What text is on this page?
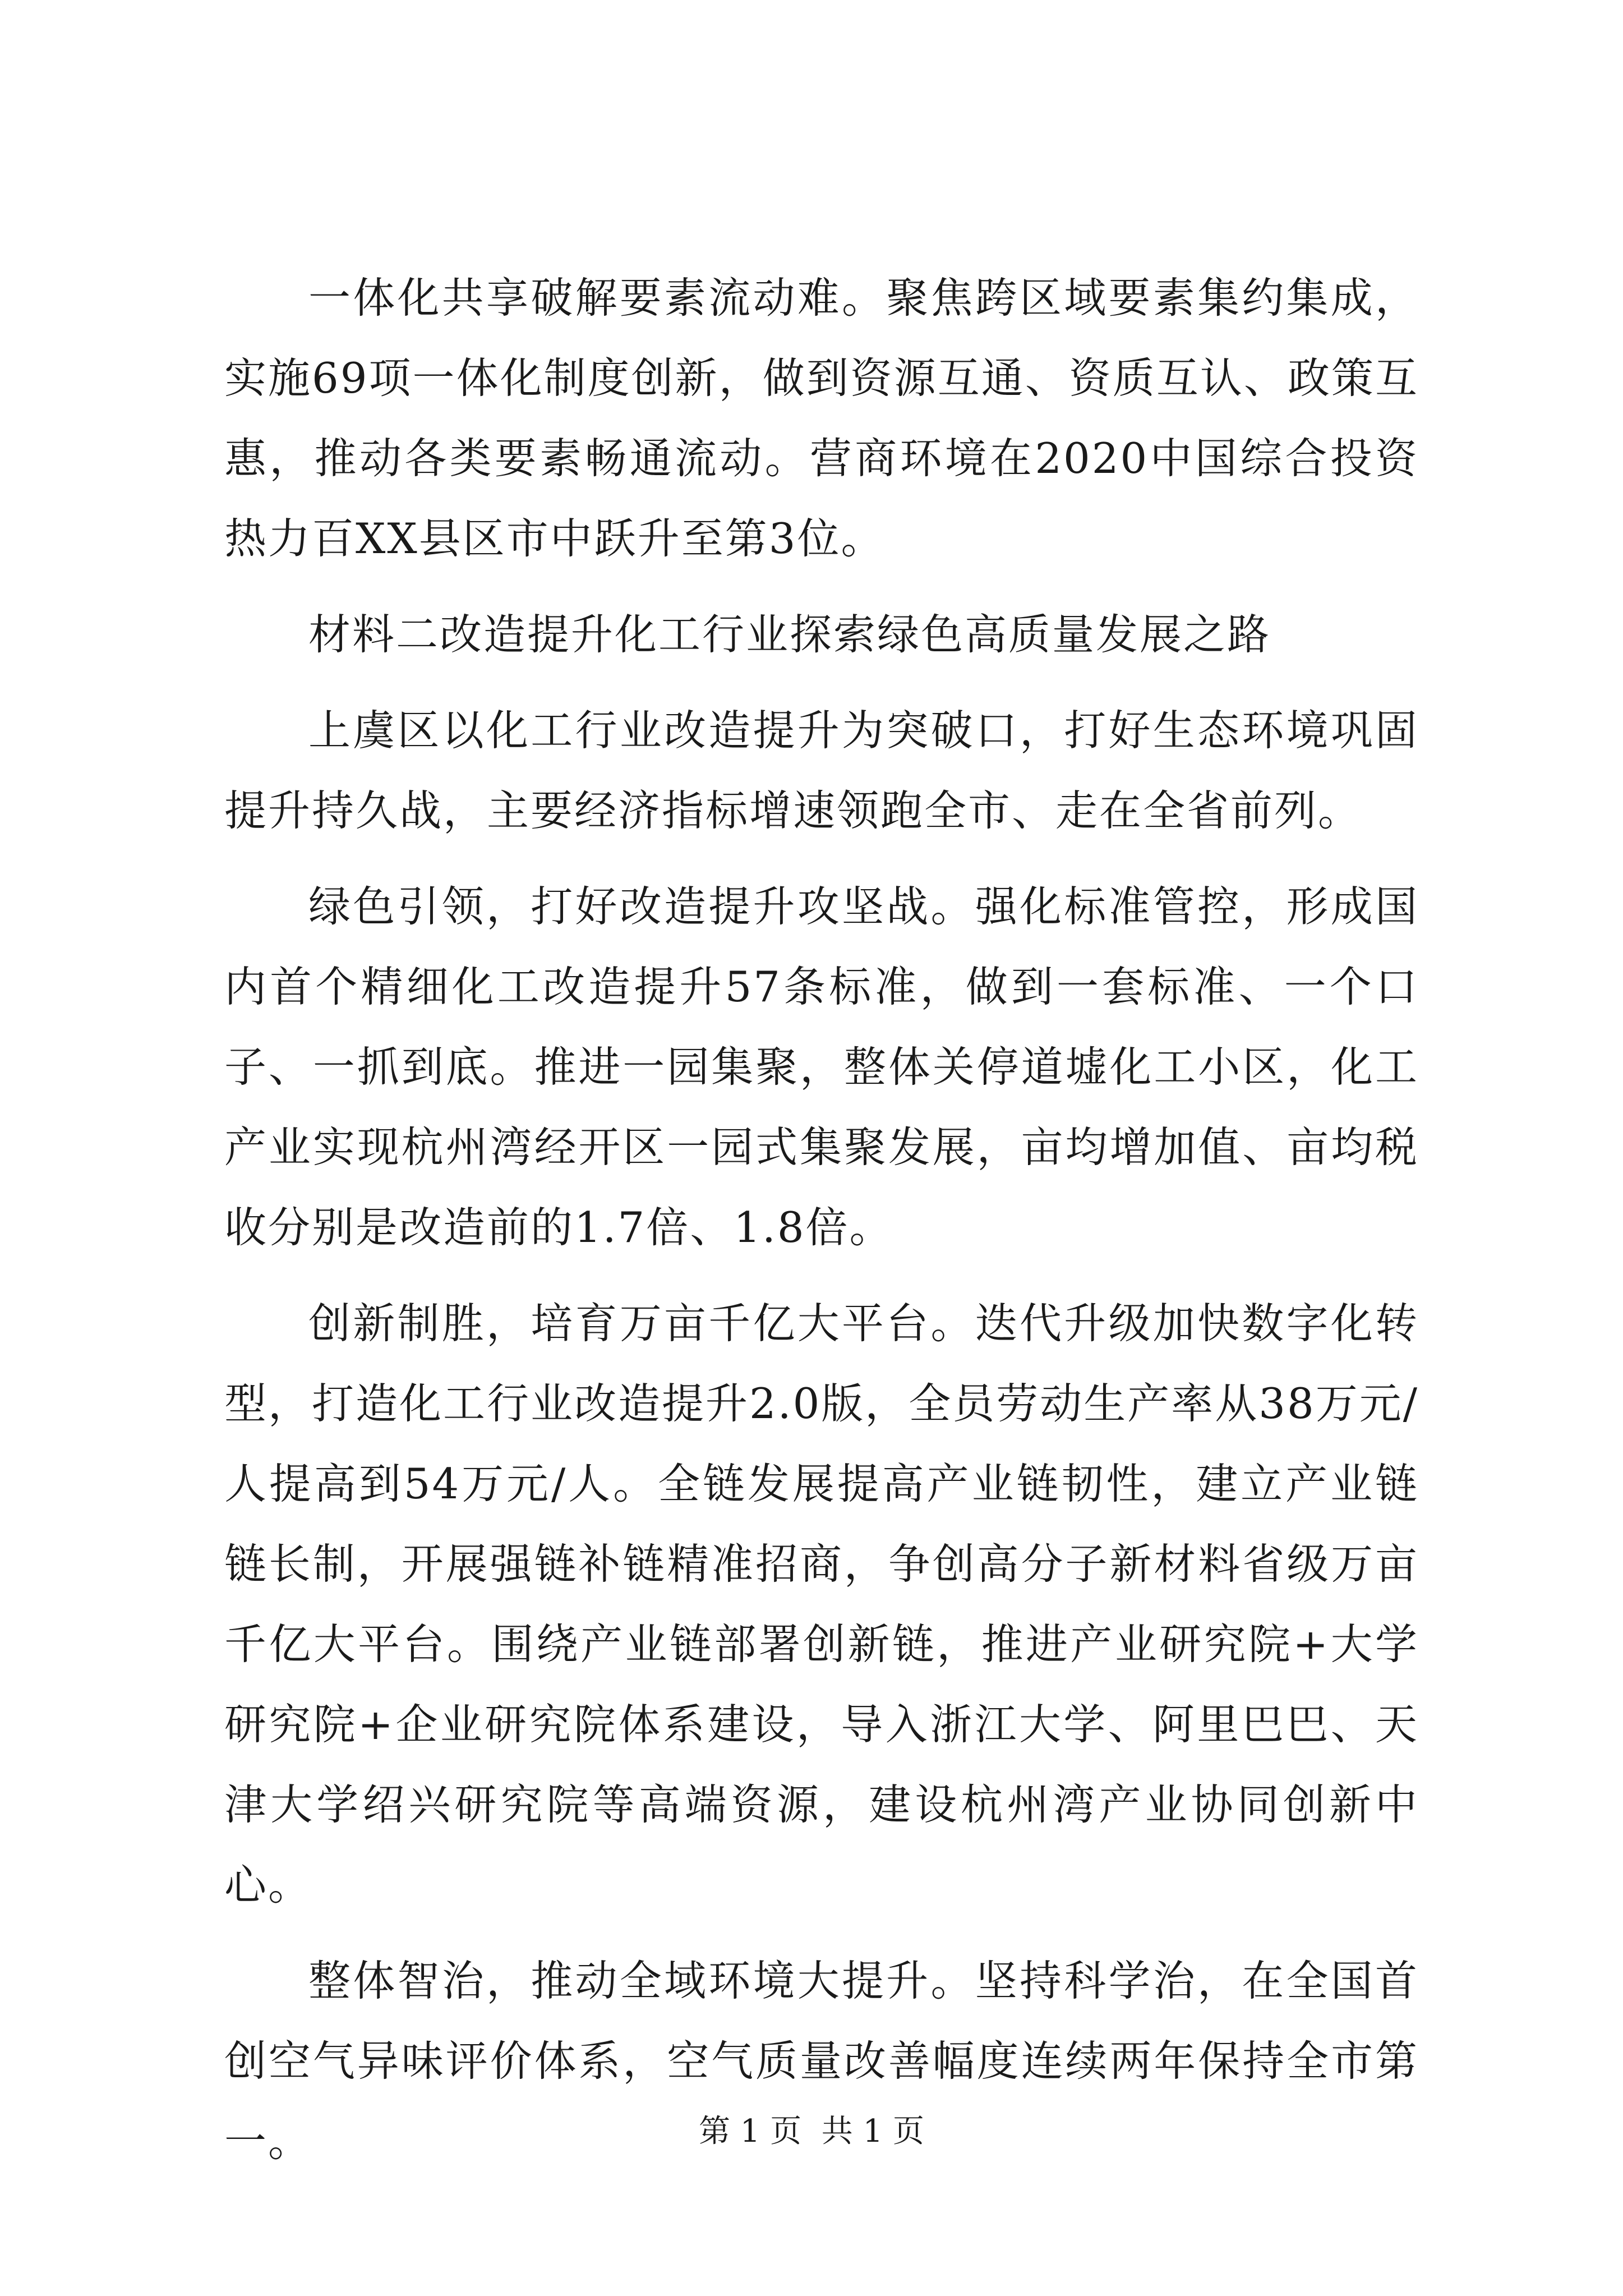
一体化共享破解要素流动难。聚焦跨区域要素集约集成，实施69项一体化制度创新，做到资源互通、资质互认、政策互惠，推动各类要素畅通流动。营商环境在2020中国综合投资热力百XX县区市中跃升至第3位。

材料二改造提升化工行业探索绿色高质量发展之路

上虞区以化工行业改造提升为突破口，打好生态环境巩固提升持久战，主要经济指标增速领跑全市、走在全省前列。

绿色引领，打好改造提升攻坚战。强化标准管控，形成国内首个精细化工改造提升57条标准，做到一套标准、一个口子、一抓到底。推进一园集聚，整体关停道墟化工小区，化工产业实现杭州湾经开区一园式集聚发展，亩均增加值、亩均税收分别是改造前的1.7倍、1.8倍。

创新制胜，培育万亩千亿大平台。迭代升级加快数字化转型，打造化工行业改造提升2.0版，全员劳动生产率从38万元/人提高到54万元/人。全链发展提高产业链韧性，建立产业链链长制，开展强链补链精准招商，争创高分子新材料省级万亩千亿大平台。围绕产业链部署创新链，推进产业研究院+大学研究院+企业研究院体系建设，导入浙江大学、阿里巴巴、天津大学绍兴研究院等高端资源，建设杭州湾产业协同创新中心。

整体智治，推动全域环境大提升。坚持科学治，在全国首创空气异味评价体系，空气质量改善幅度连续两年保持全市第一。	第 1 页  共 1 页
